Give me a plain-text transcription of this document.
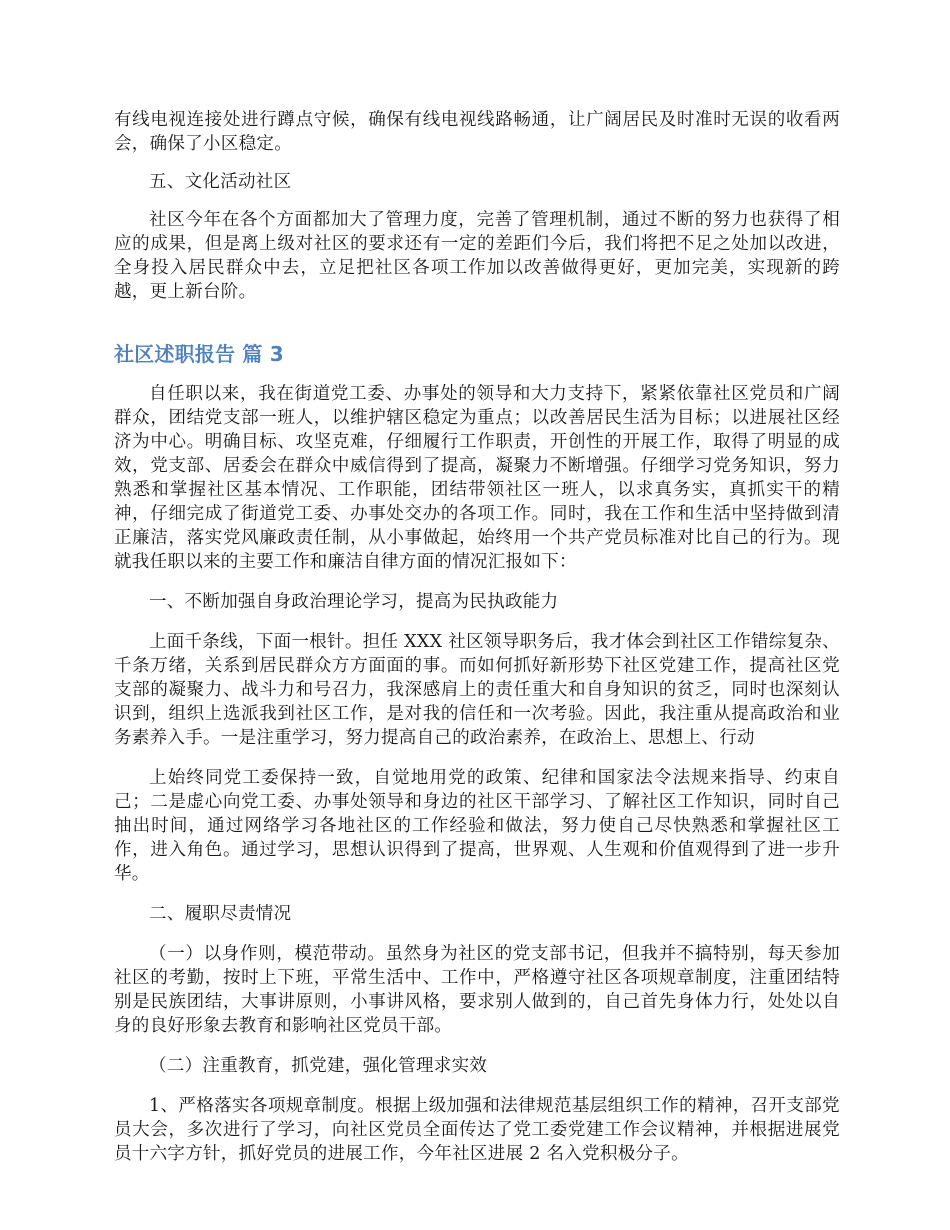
有线电视连接处进行蹲点守候，确保有线电视线路畅通，让广阔居民及时准时无误的收看两会，确保了小区稳定。

五、文化活动社区

社区今年在各个方面都加大了管理力度，完善了管理机制，通过不断的努力也获得了相应的成果，但是离上级对社区的要求还有一定的差距们今后，我们将把不足之处加以改进，全身投入居民群众中去，立足把社区各项工作加以改善做得更好，更加完美，实现新的跨越，更上新台阶。

社区述职报告 篇 3

自任职以来，我在街道党工委、办事处的领导和大力支持下，紧紧依靠社区党员和广阔群众，团结党支部一班人，以维护辖区稳定为重点；以改善居民生活为目标；以进展社区经济为中心。明确目标、攻坚克难，仔细履行工作职责，开创性的开展工作，取得了明显的成效，党支部、居委会在群众中威信得到了提高，凝聚力不断增强。仔细学习党务知识，努力熟悉和掌握社区基本情况、工作职能，团结带领社区一班人，以求真务实，真抓实干的精神，仔细完成了街道党工委、办事处交办的各项工作。同时，我在工作和生活中坚持做到清正廉洁，落实党风廉政责任制，从小事做起，始终用一个共产党员标准对比自己的行为。现就我任职以来的主要工作和廉洁自律方面的情况汇报如下：

一、不断加强自身政治理论学习，提高为民执政能力

上面千条线，下面一根针。担任 XXX 社区领导职务后，我才体会到社区工作错综复杂、千条万绪，关系到居民群众方方面面的事。而如何抓好新形势下社区党建工作，提高社区党支部的凝聚力、战斗力和号召力，我深感肩上的责任重大和自身知识的贫乏，同时也深刻认识到，组织上选派我到社区工作，是对我的信任和一次考验。因此，我注重从提高政治和业务素养入手。一是注重学习，努力提高自己的政治素养，在政治上、思想上、行动

上始终同党工委保持一致，自觉地用党的政策、纪律和国家法令法规来指导、约束自己；二是虚心向党工委、办事处领导和身边的社区干部学习、了解社区工作知识，同时自己抽出时间，通过网络学习各地社区的工作经验和做法，努力使自己尽快熟悉和掌握社区工作，进入角色。通过学习，思想认识得到了提高，世界观、人生观和价值观得到了进一步升华。

二、履职尽责情况

（一）以身作则，模范带动。虽然身为社区的党支部书记，但我并不搞特别，每天参加社区的考勤，按时上下班，平常生活中、工作中，严格遵守社区各项规章制度，注重团结特别是民族团结，大事讲原则，小事讲风格，要求别人做到的，自己首先身体力行，处处以自身的良好形象去教育和影响社区党员干部。

（二）注重教育，抓党建，强化管理求实效

1、严格落实各项规章制度。根据上级加强和法律规范基层组织工作的精神，召开支部党员大会，多次进行了学习，向社区党员全面传达了党工委党建工作会议精神，并根据进展党员十六字方针，抓好党员的进展工作，今年社区进展 2 名入党积极分子。
